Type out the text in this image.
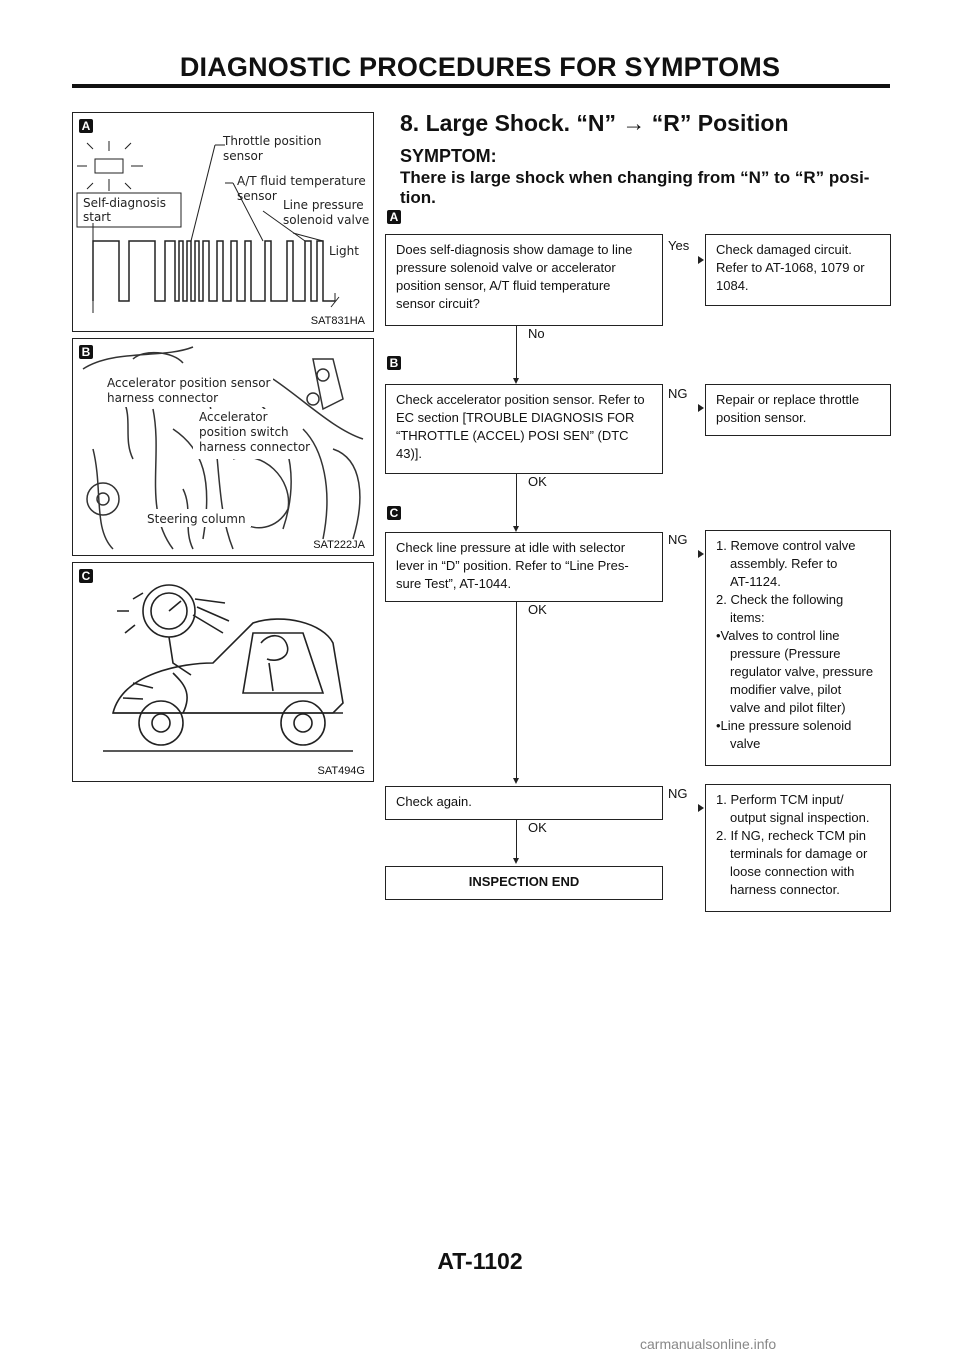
DIAGNOSTIC PROCEDURES FOR SYMPTOMS
Self-diagnosis
start
Throttle position
sensor
A/T fluid temperature
sensor
Line pressure
solenoid valve
Light
A
SAT831HA
Accelerator position sensor
harness connector
Accelerator
position switch
harness connector
Steering column
B
SAT222JA
C
SAT494G
8. Large Shock. “N” → “R” Position
SYMPTOM:
There is large shock when changing from “N” to “R” posi- tion.
A
Does self-diagnosis show damage to line pressure solenoid valve or accelerator position sensor, A/T fluid temperature sensor circuit?
Yes	Check damaged circuit. Refer to AT-1068, 1079 or 1084.
No
B
Check accelerator position sensor. Refer to EC section [TROUBLE DIAGNOSIS FOR “THROTTLE (ACCEL) POSI SEN” (DTC 43)].
NG	Repair or replace throttle position sensor.
OK
C
Check line pressure at idle with selector lever in “D” position. Refer to “Line Pres- sure Test”, AT-1044.
NG	1. Remove control valve

assembly. Refer to
AT-1124.
2. Check the following

items:
•Valves to control line

pressure (Pressure
regulator valve, pressure
modifier valve, pilot
valve and pilot filter)
•Line pressure solenoid

valve
OK
Check again.
NG	1. Perform TCM input/

output signal inspection.
2. If NG, recheck TCM pin

terminals for damage or
loose connection with
harness connector.
OK
INSPECTION END
AT-1102
carmanualsonline.info
